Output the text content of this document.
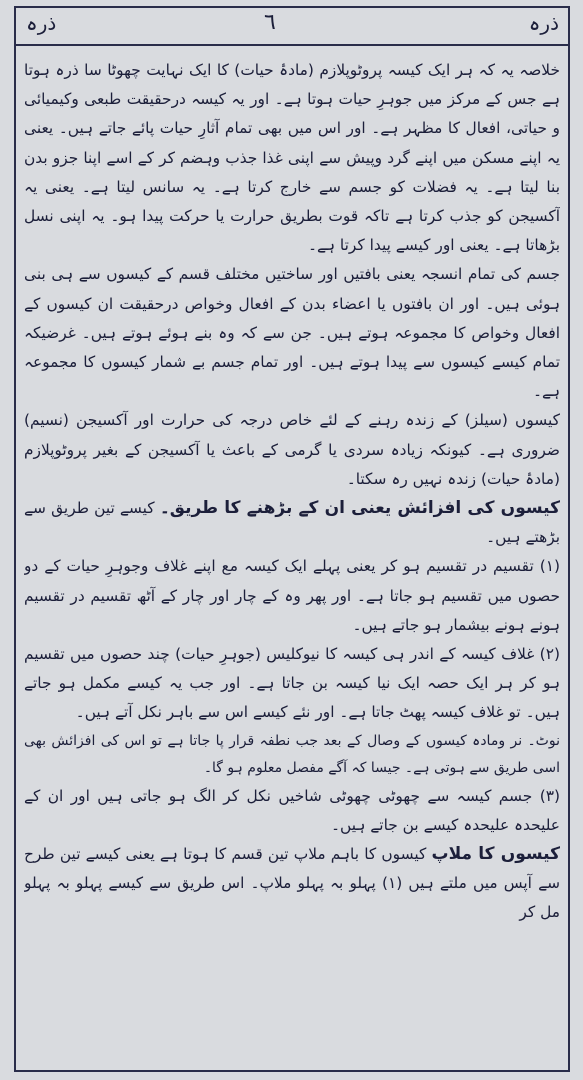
ذرہ
٦
ذرہ

خلاصہ یہ کہ ہر ایک کیسہ پروٹوپلازم (مادۂ حیات) کا ایک نہایت چھوٹا سا ذرہ ہوتا ہے جس کے مرکز میں جوہرِ حیات ہوتا ہے۔ اور یہ کیسہ درحقیقت طبعی وکیمیائی و حیاتی، افعال کا مظہر ہے۔ اور اس میں بھی تمام آثارِ حیات پائے جاتے ہیں۔ یعنی یہ اپنے مسکن میں اپنے گرد وپیش سے اپنی غذا جذب وہضم کر کے اسے اپنا جزو بدن بنا لیتا ہے۔ یہ فضلات کو جسم سے خارج کرتا ہے۔ یہ سانس لیتا ہے۔ یعنی یہ آکسیجن کو جذب کرتا ہے تاکہ قوت بطریق حرارت یا حرکت پیدا ہو۔ یہ اپنی نسل بڑھاتا ہے۔ یعنی اور کیسے پیدا کرتا ہے۔

جسم کی تمام انسجہ یعنی بافتیں اور ساختیں مختلف قسم کے کیسوں سے ہی بنی ہوئی ہیں۔ اور ان بافتوں یا اعضاء بدن کے افعال وخواص درحقیقت ان کیسوں کے افعال وخواص کا مجموعہ ہوتے ہیں۔ جن سے کہ وہ بنے ہوئے ہوتے ہیں۔ غرضیکہ تمام کیسے کیسوں سے پیدا ہوتے ہیں۔ اور تمام جسم بے شمار کیسوں کا مجموعہ ہے۔

کیسوں (سیلز) کے زندہ رہنے کے لئے خاص درجہ کی حرارت اور آکسیجن (نسیم) ضروری ہے۔ کیونکہ زیادہ سردی یا گرمی کے باعث یا آکسیجن کے بغیر پروٹوپلازم (مادۂ حیات) زندہ نہیں رہ سکتا۔

کیسوں کی افزائش یعنی ان کے بڑھنے کا طریق۔ کیسے تین طریق سے بڑھتے ہیں۔

(۱) تقسیم در تقسیم ہو کر یعنی پہلے ایک کیسہ مع اپنے غلاف وجوہرِ حیات کے دو حصوں میں تقسیم ہو جاتا ہے۔ اور پھر وہ کے چار اور چار کے آٹھ تقسیم در تقسیم ہونے ہونے بیشمار ہو جاتے ہیں۔

(۲) غلاف کیسہ کے اندر ہی کیسہ کا نیوکلیس (جوہرِ حیات) چند حصوں میں تقسیم ہو کر ہر ایک حصہ ایک نیا کیسہ بن جاتا ہے۔ اور جب یہ کیسے مکمل ہو جاتے ہیں۔ تو غلاف کیسہ پھٹ جاتا ہے۔ اور نئے کیسے اس سے باہر نکل آتے ہیں۔

نوٹ۔ نر ومادہ کیسوں کے وصال کے بعد جب نطفہ قرار پا جاتا ہے تو اس کی افزائش بھی اسی طریق سے ہوتی ہے۔ جیسا کہ آگے مفصل معلوم ہو گا۔

(۳) جسم کیسہ سے چھوٹی چھوٹی شاخیں نکل کر الگ ہو جاتی ہیں اور ان کے علیحدہ علیحدہ کیسے بن جاتے ہیں۔

کیسوں کا ملاپ کیسوں کا باہم ملاپ تین قسم کا ہوتا ہے یعنی کیسے تین طرح سے آپس میں ملتے ہیں (۱) پہلو بہ پہلو ملاپ۔ اس طریق سے کیسے پہلو بہ پہلو مل کر
